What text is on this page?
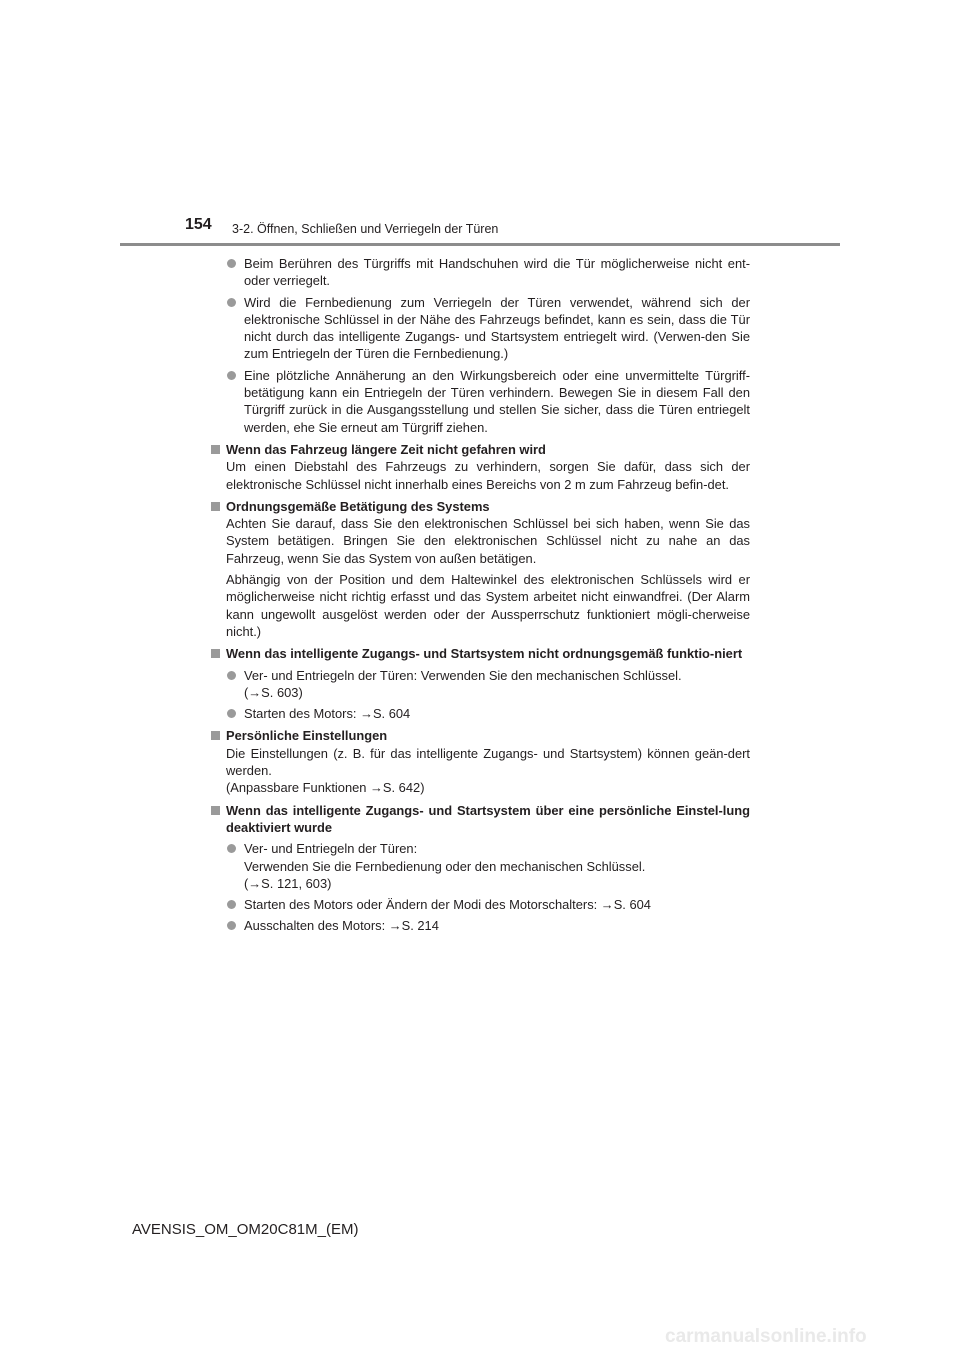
154 3-2. Öffnen, Schließen und Verriegeln der Türen
Beim Berühren des Türgriffs mit Handschuhen wird die Tür möglicherweise nicht ent-oder verriegelt.
Wird die Fernbedienung zum Verriegeln der Türen verwendet, während sich der elektronische Schlüssel in der Nähe des Fahrzeugs befindet, kann es sein, dass die Tür nicht durch das intelligente Zugangs- und Startsystem entriegelt wird. (Verwen-den Sie zum Entriegeln der Türen die Fernbedienung.)
Eine plötzliche Annäherung an den Wirkungsbereich oder eine unvermittelte Türgriff-betätigung kann ein Entriegeln der Türen verhindern. Bewegen Sie in diesem Fall den Türgriff zurück in die Ausgangsstellung und stellen Sie sicher, dass die Türen entriegelt werden, ehe Sie erneut am Türgriff ziehen.
Wenn das Fahrzeug längere Zeit nicht gefahren wird
Um einen Diebstahl des Fahrzeugs zu verhindern, sorgen Sie dafür, dass sich der elektronische Schlüssel nicht innerhalb eines Bereichs von 2 m zum Fahrzeug befin-det.
Ordnungsgemäße Betätigung des Systems
Achten Sie darauf, dass Sie den elektronischen Schlüssel bei sich haben, wenn Sie das System betätigen. Bringen Sie den elektronischen Schlüssel nicht zu nahe an das Fahrzeug, wenn Sie das System von außen betätigen.
Abhängig von der Position und dem Haltewinkel des elektronischen Schlüssels wird er möglicherweise nicht richtig erfasst und das System arbeitet nicht einwandfrei. (Der Alarm kann ungewollt ausgelöst werden oder der Aussperrschutz funktioniert mögli-cherweise nicht.)
Wenn das intelligente Zugangs- und Startsystem nicht ordnungsgemäß funktio-niert
Ver- und Entriegeln der Türen: Verwenden Sie den mechanischen Schlüssel.
(→S. 603)
Starten des Motors: →S. 604
Persönliche Einstellungen
Die Einstellungen (z. B. für das intelligente Zugangs- und Startsystem) können geän-dert werden.
(Anpassbare Funktionen →S. 642)
Wenn das intelligente Zugangs- und Startsystem über eine persönliche Einstel-lung deaktiviert wurde
Ver- und Entriegeln der Türen:
Verwenden Sie die Fernbedienung oder den mechanischen Schlüssel.
(→S. 121, 603)
Starten des Motors oder Ändern der Modi des Motorschalters: →S. 604
Ausschalten des Motors: →S. 214
AVENSIS_OM_OM20C81M_(EM)
carmanualsonline.info
